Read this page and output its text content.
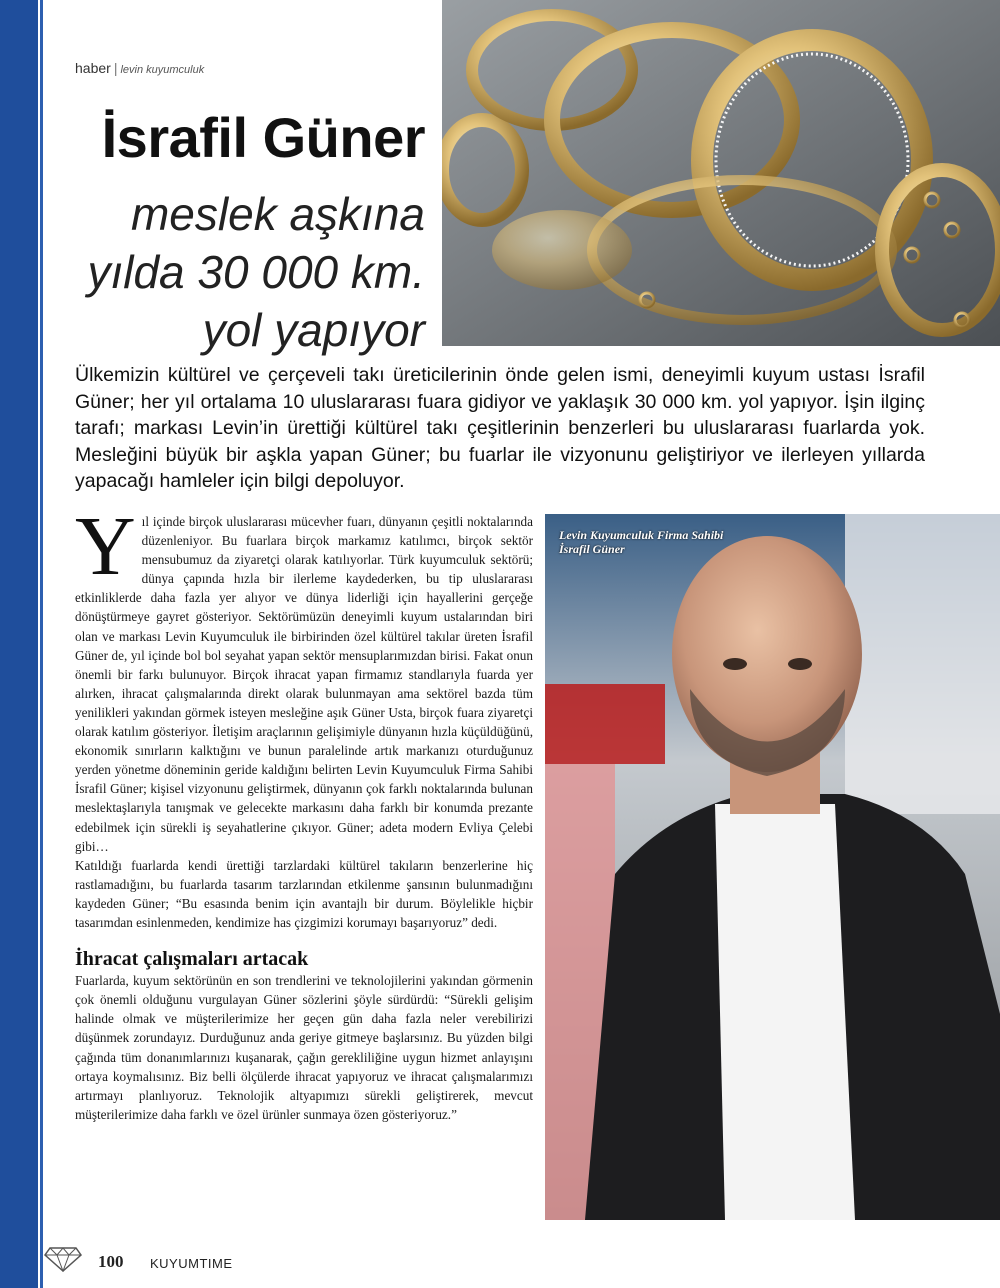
haber | levin kuyumculuk
İsrafil Güner
meslek aşkına
yılda 30 000 km.
yol yapıyor
Ülkemizin kültürel ve çerçeveli takı üreticilerinin önde gelen ismi, deneyimli kuyum ustası İsrafil Güner; her yıl ortalama 10 uluslararası fuara gidiyor ve yaklaşık 30 000 km. yol yapıyor. İşin ilginç tarafı; markası Levin’in ürettiği kültürel takı çeşitlerinin benzerleri bu uluslararası fuarlarda yok. Mesleğini büyük bir aşkla yapan Güner; bu fuarlar ile vizyonunu geliştiriyor ve ilerleyen yıllarda yapacağı hamleler için bilgi depoluyor.

Yıl içinde birçok uluslararası mücevher fuarı, dünyanın çeşitli noktalarında düzenleniyor. Bu fuarlara birçok markamız katılımcı, birçok sektör mensubumuz da ziyaretçi olarak katılıyorlar. Türk kuyumculuk sektörü; dünya çapında hızla bir ilerleme kaydederken, bu tip uluslararası etkinliklerde daha fazla yer alıyor ve dünya liderliği için hayallerini gerçeğe dönüştürmeye gayret gösteriyor. Sektörümüzün deneyimli kuyum ustalarından biri olan ve markası Levin Kuyumculuk ile birbirinden özel kültürel takılar üreten İsrafil Güner de, yıl içinde bol bol seyahat yapan sektör mensuplarımızdan birisi. Fakat onun önemli bir farkı bulunuyor. Birçok ihracat yapan firmamız standlarıyla fuarda yer alırken, ihracat çalışmalarında direkt olarak bulunmayan ama sektörel bazda tüm yenilikleri yakından görmek isteyen mesleğine aşık Güner Usta, birçok fuara ziyaretçi olarak katılım gösteriyor. İletişim araçlarının gelişimiyle dünyanın hızla küçüldüğünü, ekonomik sınırların kalktığını ve bunun paralelinde artık markanızı oturduğunuz yerden yönetme döneminin geride kaldığını belirten Levin Kuyumculuk Firma Sahibi İsrafil Güner; kişisel vizyonunu geliştirmek, dünyanın çok farklı noktalarında bulunan meslektaşlarıyla tanışmak ve gelecekte markasını daha farklı bir konumda prezante edebilmek için sürekli iş seyahatlerine çıkıyor. Güner; adeta modern Evliya Çelebi gibi…

Katıldığı fuarlarda kendi ürettiği tarzlardaki kültürel takıların benzerlerine hiç rastlamadığını, bu fuarlarda tasarım tarzlarından etkilenme şansının bulunmadığını kaydeden Güner; “Bu esasında benim için avantajlı bir durum. Böylelikle hiçbir tasarımdan esinlenmeden, kendimize has çizgimizi korumayı başarıyoruz” dedi.

İhracat çalışmaları artacak

Fuarlarda, kuyum sektörünün en son trendlerini ve teknolojilerini yakından görmenin çok önemli olduğunu vurgulayan Güner sözlerini şöyle sürdürdü: “Sürekli gelişim halinde olmak ve müşterilerimize her geçen gün daha fazla neler verebilirizi düşünmek zorundayız. Durduğunuz anda geriye gitmeye başlarsınız. Bu yüzden bilgi çağında tüm donanımlarınızı kuşanarak, çağın gerekliliğine uygun hizmet anlayışını ortaya koymalısınız. Biz belli ölçülerde ihracat yapıyoruz ve ihracat çalışmalarımızı artırmayı planlıyoruz. Teknolojik altyapımızı sürekli geliştirerek, mevcut müşterilerimize daha farklı ve özel ürünler sunmaya özen gösteriyoruz.”

Levin Kuyumculuk Firma Sahibi
İsrafil Güner
100 KUYUMTIME
